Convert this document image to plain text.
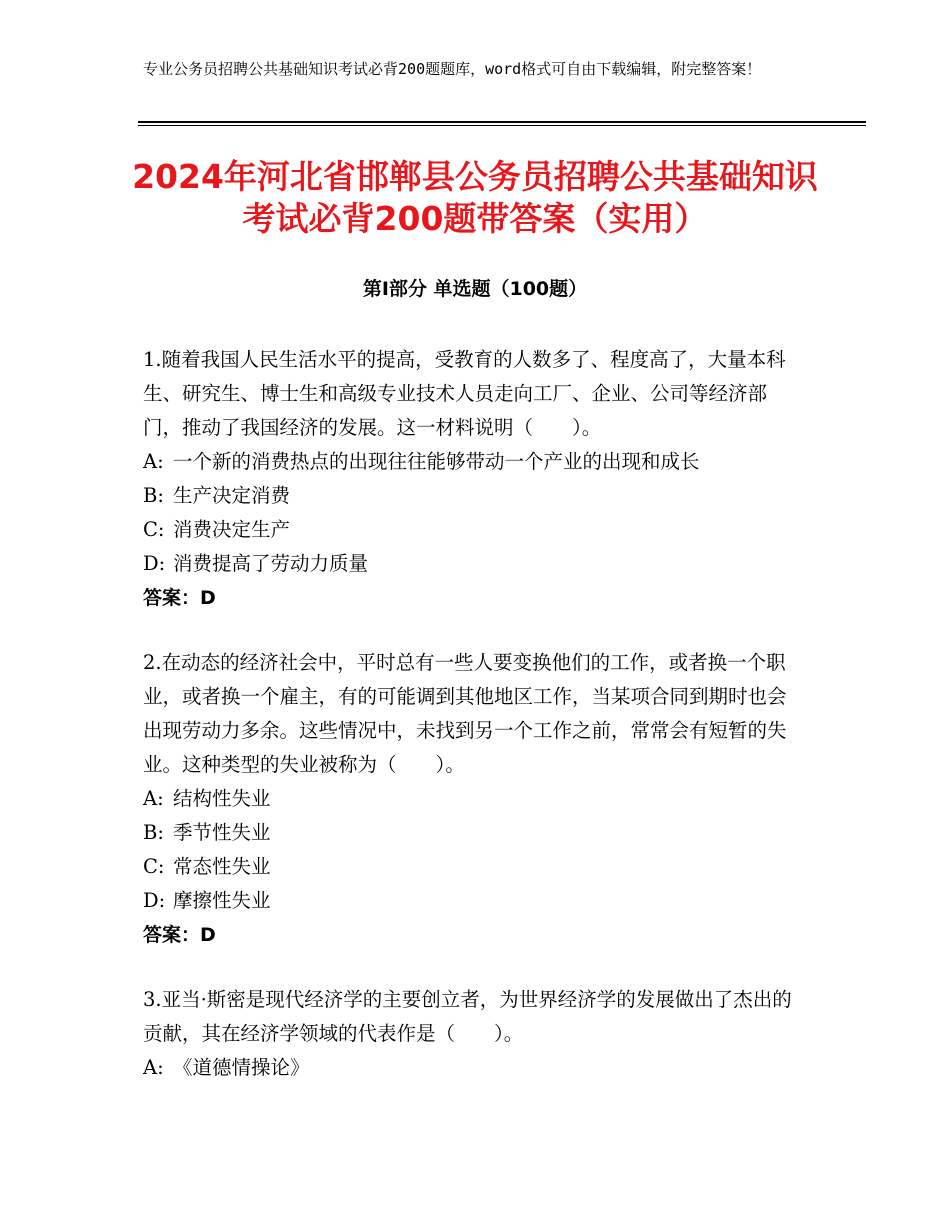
专业公务员招聘公共基础知识考试必背200题题库，word格式可自由下载编辑，附完整答案！
2024年河北省邯郸县公务员招聘公共基础知识考试必背200题带答案（实用）
第Ⅰ部分 单选题（100题）

1.随着我国人民生活水平的提高，受教育的人数多了、程度高了，大量本科生、研究生、博士生和高级专业技术人员走向工厂、企业、公司等经济部门，推动了我国经济的发展。这一材料说明（　　）。

A: 一个新的消费热点的出现往往能够带动一个产业的出现和成长

B: 生产决定消费

C: 消费决定生产

D: 消费提高了劳动力质量

答案：D

2.在动态的经济社会中，平时总有一些人要变换他们的工作，或者换一个职业，或者换一个雇主，有的可能调到其他地区工作，当某项合同到期时也会出现劳动力多余。这些情况中，未找到另一个工作之前，常常会有短暂的失业。这种类型的失业被称为（　　）。

A: 结构性失业

B: 季节性失业

C: 常态性失业

D: 摩擦性失业

答案：D

3.亚当·斯密是现代经济学的主要创立者，为世界经济学的发展做出了杰出的贡献，其在经济学领域的代表作是（　　）。

A: 《道德情操论》
